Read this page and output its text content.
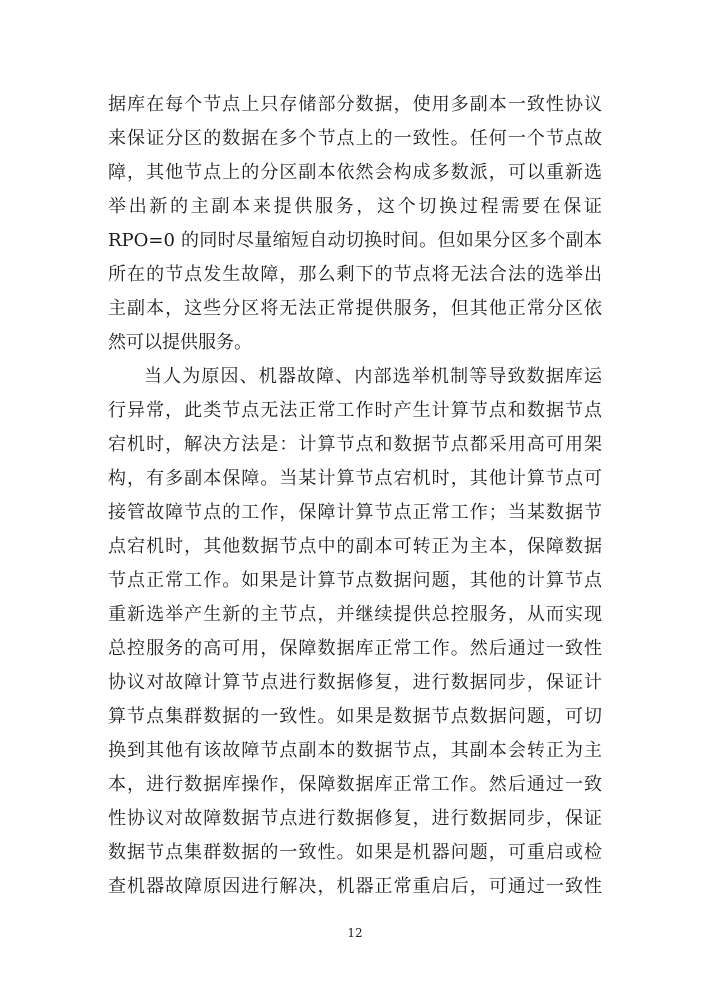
据库在每个节点上只存储部分数据，使用多副本一致性协议
来保证分区的数据在多个节点上的一致性。任何一个节点故
障，其他节点上的分区副本依然会构成多数派，可以重新选
举出新的主副本来提供服务，这个切换过程需要在保证
RPO=0 的同时尽量缩短自动切换时间。但如果分区多个副本
所在的节点发生故障，那么剩下的节点将无法合法的选举出
主副本，这些分区将无法正常提供服务，但其他正常分区依
然可以提供服务。
当人为原因、机器故障、内部选举机制等导致数据库运
行异常，此类节点无法正常工作时产生计算节点和数据节点
宕机时，解决方法是：计算节点和数据节点都采用高可用架
构，有多副本保障。当某计算节点宕机时，其他计算节点可
接管故障节点的工作，保障计算节点正常工作；当某数据节
点宕机时，其他数据节点中的副本可转正为主本，保障数据
节点正常工作。如果是计算节点数据问题，其他的计算节点
重新选举产生新的主节点，并继续提供总控服务，从而实现
总控服务的高可用，保障数据库正常工作。然后通过一致性
协议对故障计算节点进行数据修复，进行数据同步，保证计
算节点集群数据的一致性。如果是数据节点数据问题，可切
换到其他有该故障节点副本的数据节点，其副本会转正为主
本，进行数据库操作，保障数据库正常工作。然后通过一致
性协议对故障数据节点进行数据修复，进行数据同步，保证
数据节点集群数据的一致性。如果是机器问题，可重启或检
查机器故障原因进行解决，机器正常重启后，可通过一致性
12
